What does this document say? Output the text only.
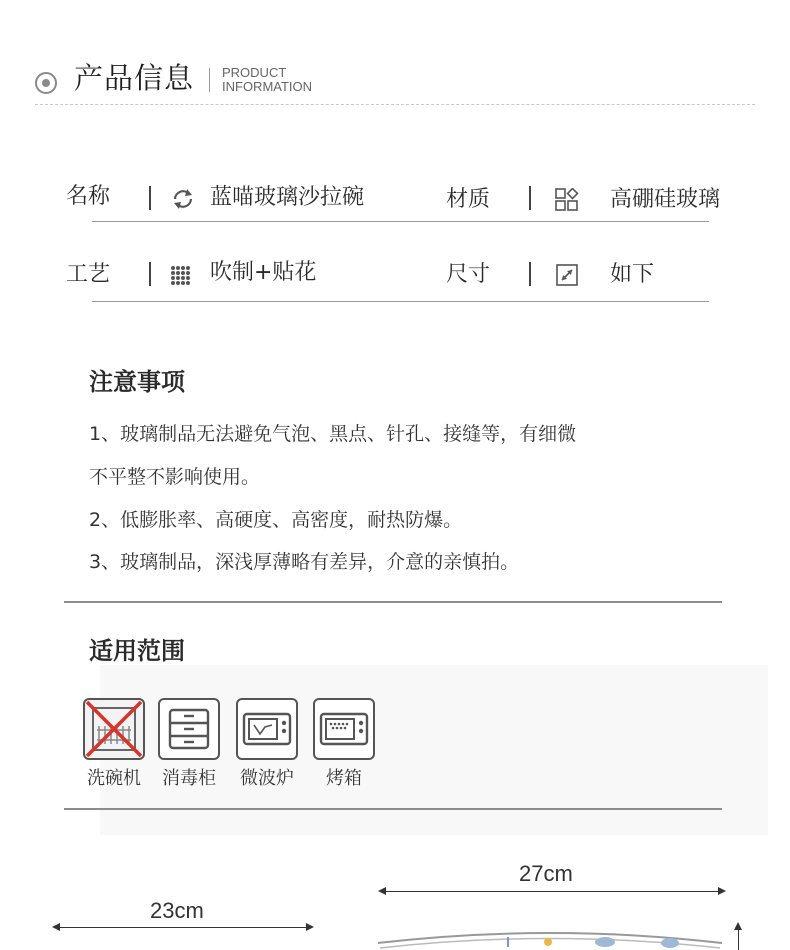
产品信息 PRODUCT
INFORMATION
名称	蓝喵玻璃沙拉碗	材质	高硼硅玻璃
工艺	吹制+贴花	尺寸	如下
注意事项
1、玻璃制品无法避免气泡、黑点、针孔、接缝等，有细微
不平整不影响使用。
2、低膨胀率、高硬度、高密度，耐热防爆。
3、玻璃制品，深浅厚薄略有差异，介意的亲慎拍。
适用范围
洗碗机	消毒柜	微波炉	烤箱
27cm
23cm
